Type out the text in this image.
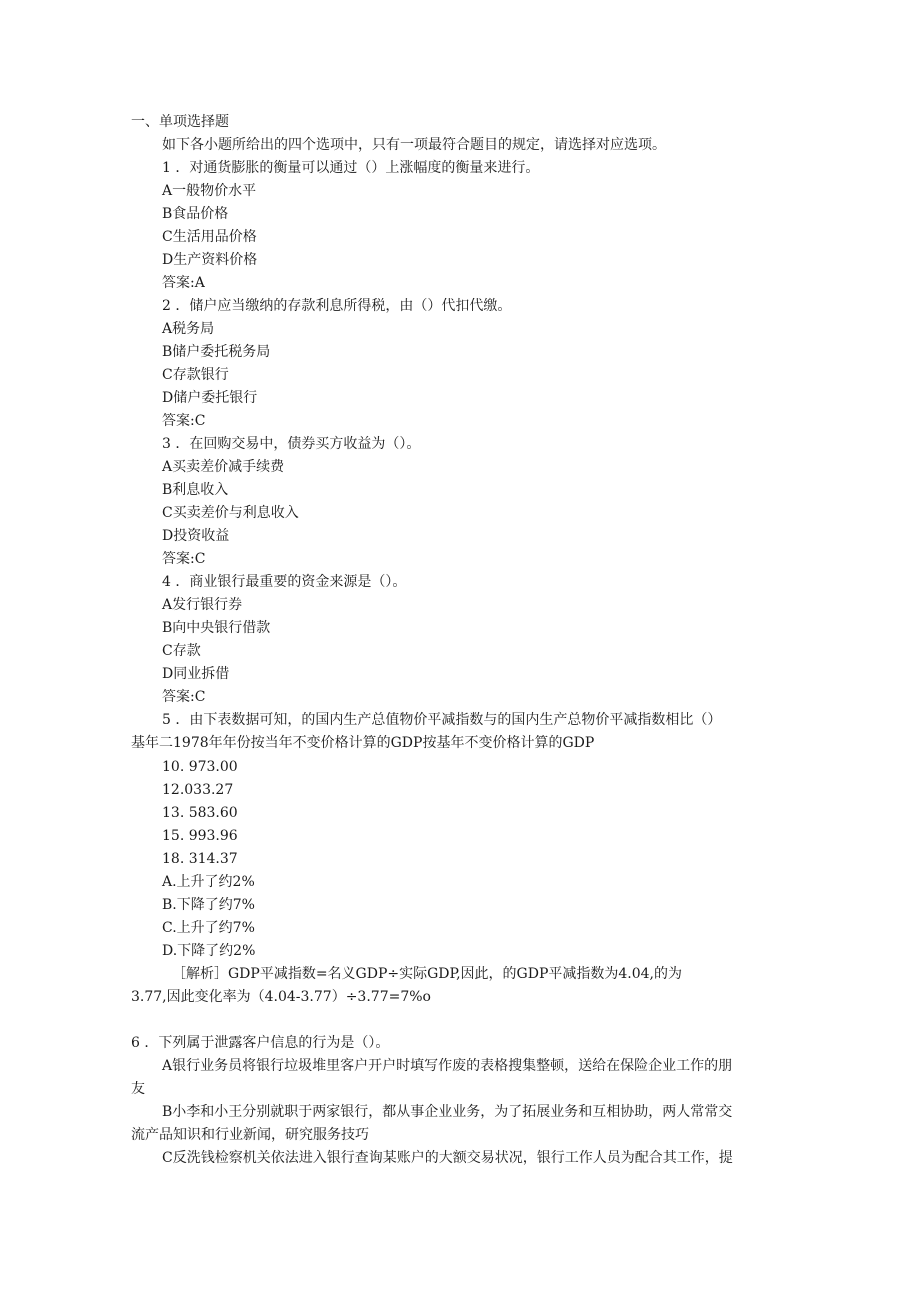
一、单项选择题
如下各小题所给出的四个选项中，只有一项最符合题目的规定，请选择对应选项。
1 ．对通货膨胀的衡量可以通过（）上涨幅度的衡量来进行。
A一般物价水平
B食品价格
C生活用品价格
D生产资料价格
答案:A
2 ．储户应当缴纳的存款利息所得税，由（）代扣代缴。
A税务局
B储户委托税务局
C存款银行
D储户委托银行
答案:C
3 ．在回购交易中，债券买方收益为（）。
A买卖差价减手续费
B利息收入
C买卖差价与利息收入
D投资收益
答案:C
4 ．商业银行最重要的资金来源是（）。
A发行银行券
B向中央银行借款
C存款
D同业拆借
答案:C
5 ．由下表数据可知，的国内生产总值物价平减指数与的国内生产总物价平减指数相比（）
基年二1978年年份按当年不变价格计算的GDP按基年不变价格计算的GDP
10. 973.00
12.033.27
13. 583.60
15. 993.96
18. 314.37
A.上升了约2%
B.下降了约7%
C.上升了约7%
D.下降了约2%
［解析］GDP平减指数=名义GDP÷实际GDP,因此，的GDP平减指数为4.04,的为
3.77,因此变化率为（4.04-3.77）÷3.77=7%o
6 ．下列属于泄露客户信息的行为是（）。
A银行业务员将银行垃圾堆里客户开户时填写作废的表格搜集整顿，送给在保险企业工作的朋
友
B小李和小王分别就职于两家银行，都从事企业业务，为了拓展业务和互相协助，两人常常交
流产品知识和行业新闻，研究服务技巧
C反洗钱检察机关依法进入银行查询某账户的大额交易状况，银行工作人员为配合其工作，提
